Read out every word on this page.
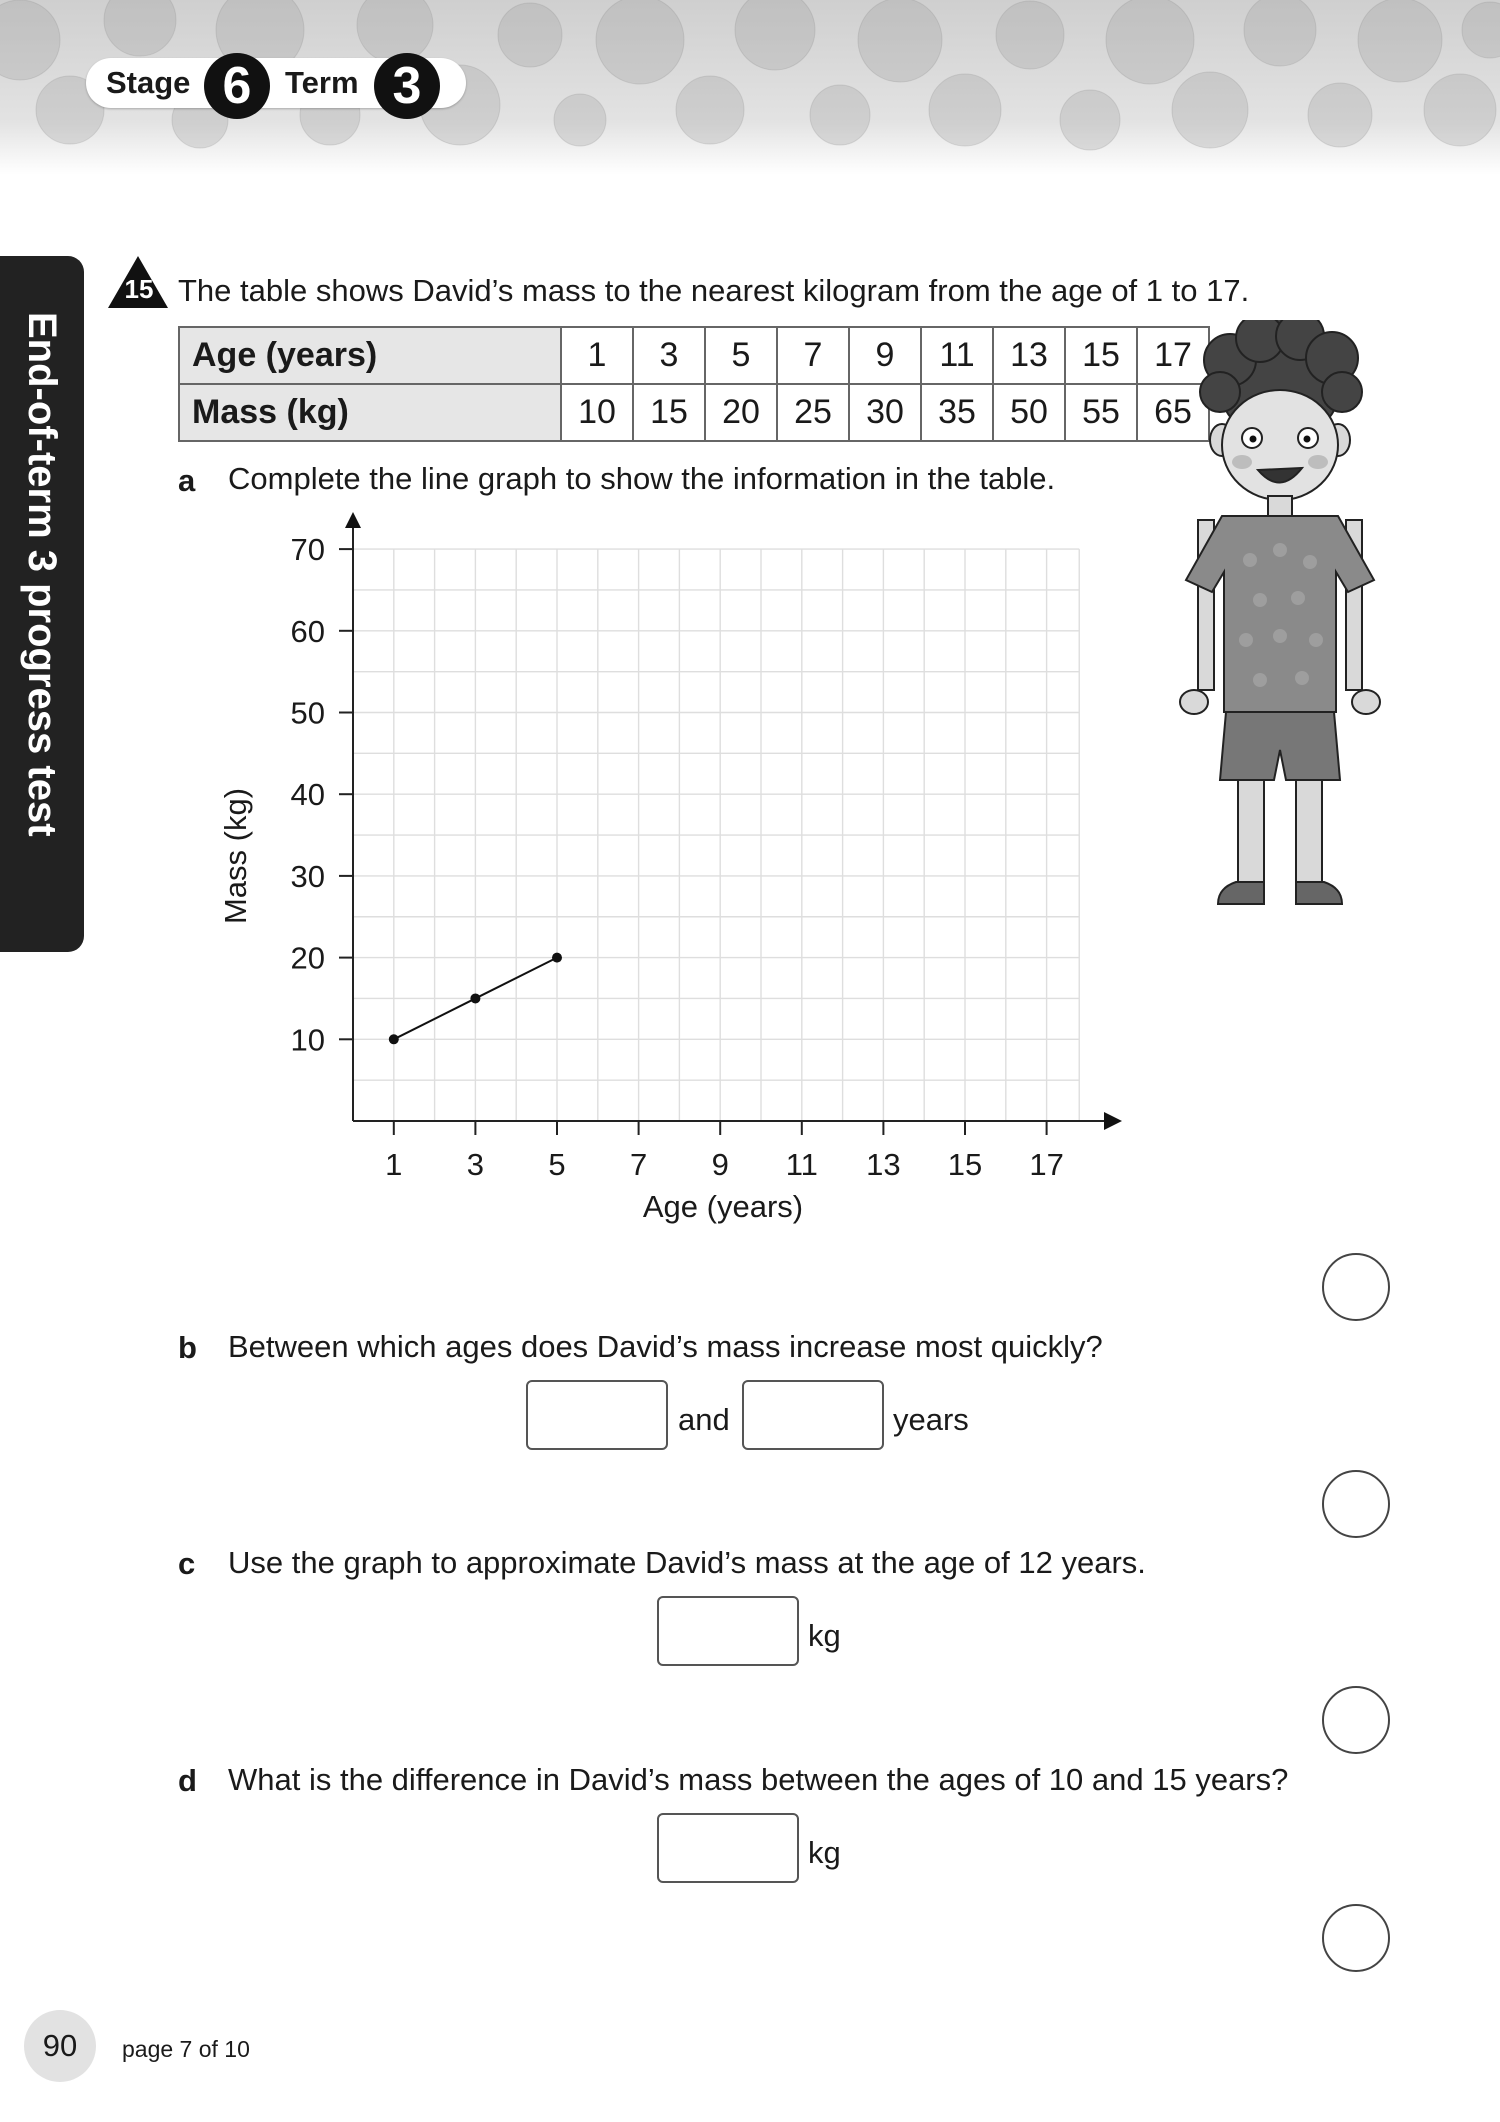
Stage 6	Term 3
End-of-term 3 progress test
15 The table shows David’s mass to the nearest kilogram from the age of 1 to 17.
Age (years)	1	3	5	7	9	11	13	15	17
Mass (kg)	10	15	20	25	30	35	50	55	65
a Complete the line graph to show the information in the table.
1 3 5 7 9 11 13 15 17
10
20
30
40
50
60
70
Age (years)
Mass (kg)
b Between which ages does David’s mass increase most quickly?
and	years
c Use the graph to approximate David’s mass at the age of 12 years.
kg
d What is the difference in David’s mass between the ages of 10 and 15 years?
kg
90	page 7 of 10
